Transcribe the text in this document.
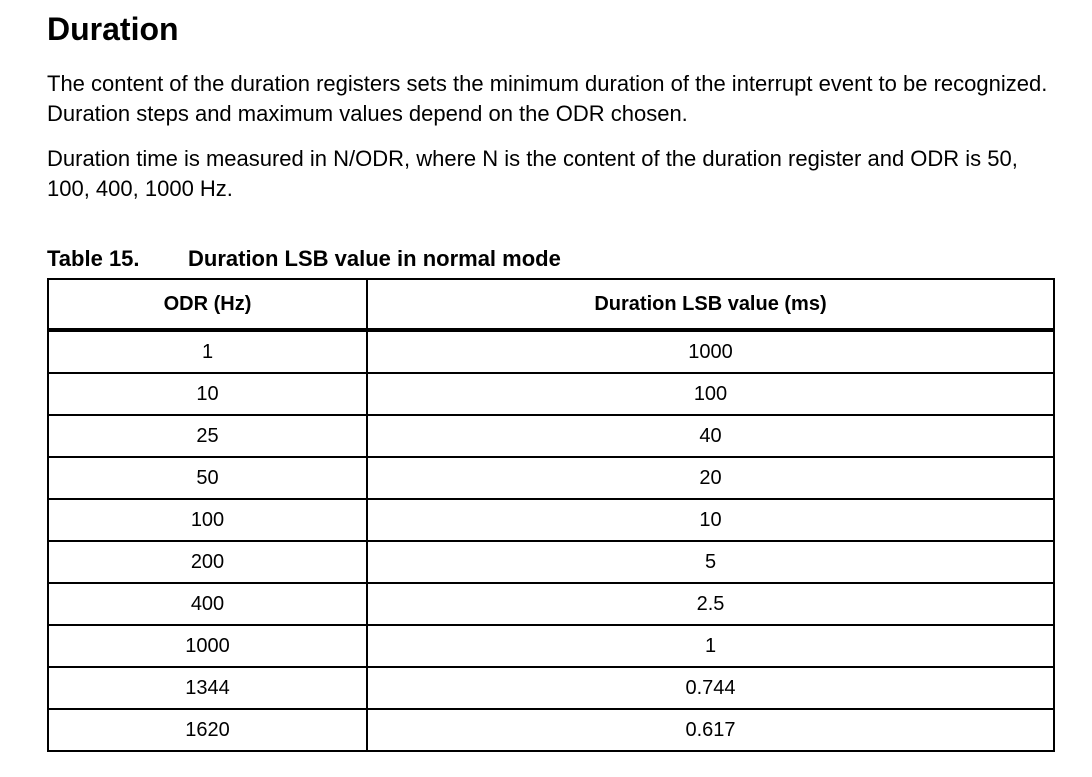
Duration

The content of the duration registers sets the minimum duration of the interrupt event to be recognized. Duration steps and maximum values depend on the ODR chosen.

Duration time is measured in N/ODR, where N is the content of the duration register and ODR is 50, 100, 400, 1000 Hz.

Table 15. Duration LSB value in normal mode

ODR (Hz)	Duration LSB value (ms)
1	1000
10	100
25	40
50	20
100	10
200	5
400	2.5
1000	1
1344	0.744
1620	0.617
